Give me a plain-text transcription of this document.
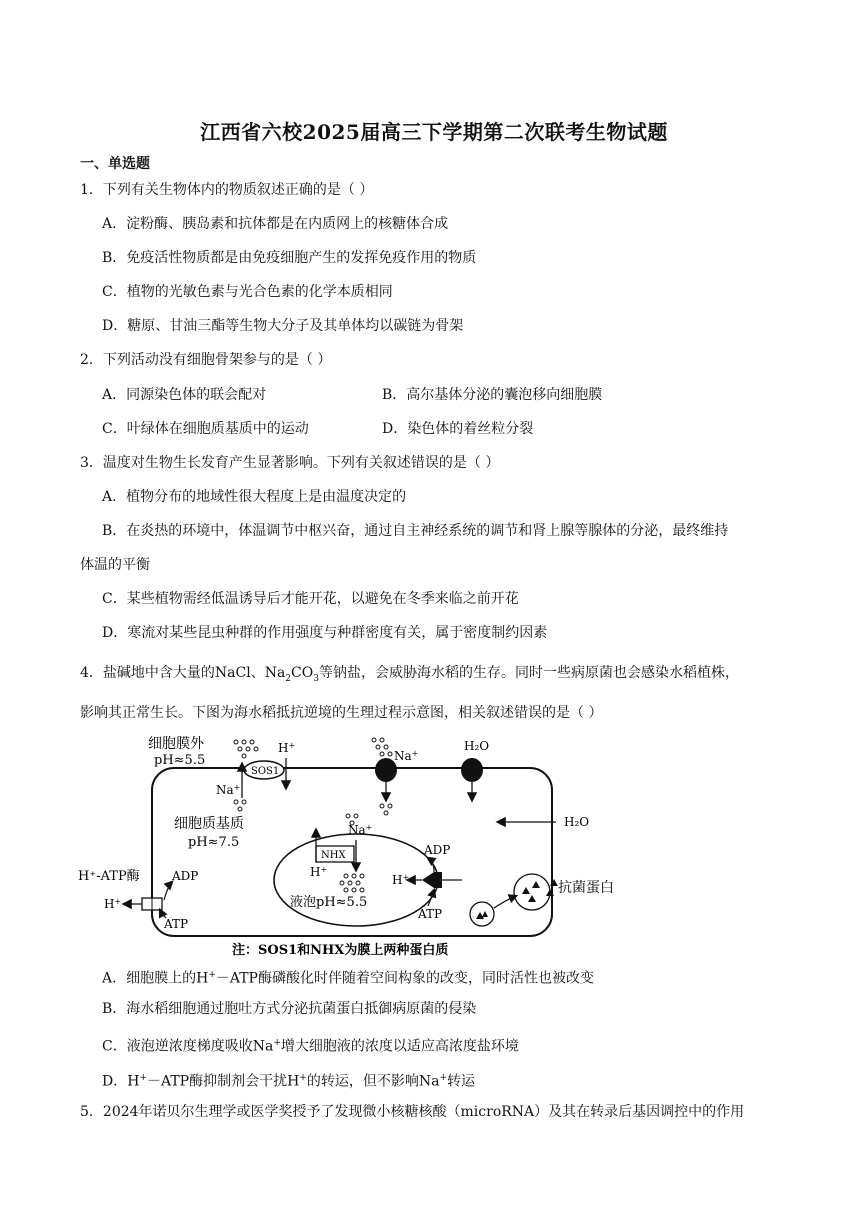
江西省六校2025届高三下学期第二次联考生物试题
一、单选题
1．下列有关生物体内的物质叙述正确的是（ ）
A．淀粉酶、胰岛素和抗体都是在内质网上的核糖体合成
B．免疫活性物质都是由免疫细胞产生的发挥免疫作用的物质
C．植物的光敏色素与光合色素的化学本质相同
D．糖原、甘油三酯等生物大分子及其单体均以碳链为骨架
2．下列活动没有细胞骨架参与的是（ ）
A．同源染色体的联会配对	B．高尔基体分泌的囊泡移向细胞膜
C．叶绿体在细胞质基质中的运动	D．染色体的着丝粒分裂
3．温度对生物生长发育产生显著影响。下列有关叙述错误的是（ ）
A．植物分布的地域性很大程度上是由温度决定的
B．在炎热的环境中，体温调节中枢兴奋，通过自主神经系统的调节和肾上腺等腺体的分泌，最终维持
体温的平衡
C．某些植物需经低温诱导后才能开花，以避免在冬季来临之前开花
D．寒流对某些昆虫种群的作用强度与种群密度有关，属于密度制约因素
4．盐碱地中含大量的NaCl、$Na_2CO_3$等钠盐，会威胁海水稻的生存。同时一些病原菌也会感染水稻植株，
影响其正常生长。下图为海水稻抵抗逆境的生理过程示意图，相关叙述错误的是（ ）
细胞膜外
pH≈5.5
SOS1
H+
Na+
Na+	H₂O
H₂O
细胞质基质
pH≈7.5
NHX
H+
Na+
液泡pH≈5.5
H+
ADP
ATP
H⁺-ATP酶	ADP
H+
ATP
抗菌蛋白
注：SOS1和NHX为膜上两种蛋白质
A．细胞膜上的H+－ATP酶磷酸化时伴随着空间构象的改变，同时活性也被改变
B．海水稻细胞通过胞吐方式分泌抗菌蛋白抵御病原菌的侵染
C．液泡逆浓度梯度吸收Na+增大细胞液的浓度以适应高浓度盐环境
D．H+－ATP酶抑制剂会干扰H+的转运，但不影响Na+转运
5．2024年诺贝尔生理学或医学奖授予了发现微小核糖核酸（microRNA）及其在转录后基因调控中的作用
